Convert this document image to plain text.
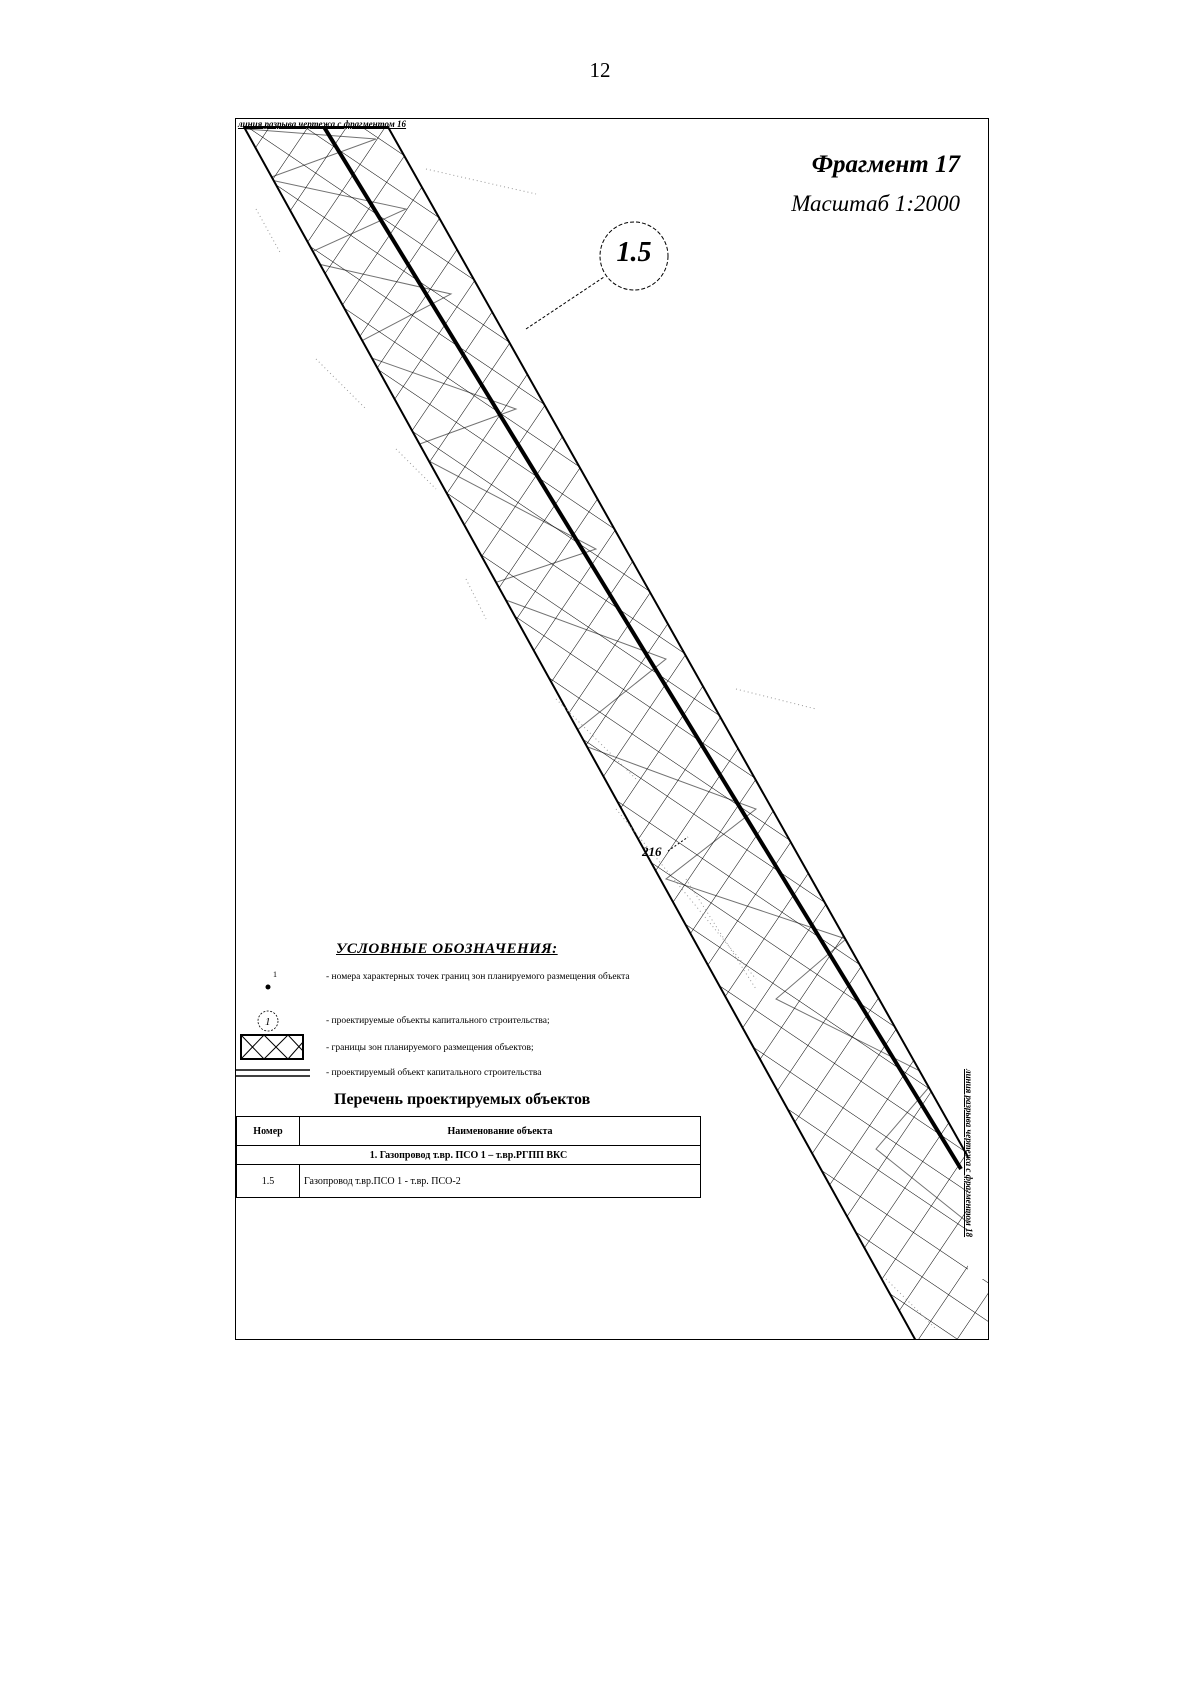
12
линия разрыва чертежа с фрагментом 16
линия разрыва чертежа с фрагментом 18
Фрагмент 17
Масштаб 1:2000
1.5
216
УСЛОВНЫЕ ОБОЗНАЧЕНИЯ:
1	- номера характерных точек границ зон планируемого размещения объекта
1	- проектируемые объекты капитального строительства;
- границы зон планируемого размещения объектов;
- проектируемый объект капитального строительства
Перечень проектируемых объектов
Номер	Наименование объекта
1. Газопровод т.вр. ПСО 1 – т.вр.РГПП ВКС	
1.5	Газопровод т.вр.ПСО 1 - т.вр. ПСО-2
